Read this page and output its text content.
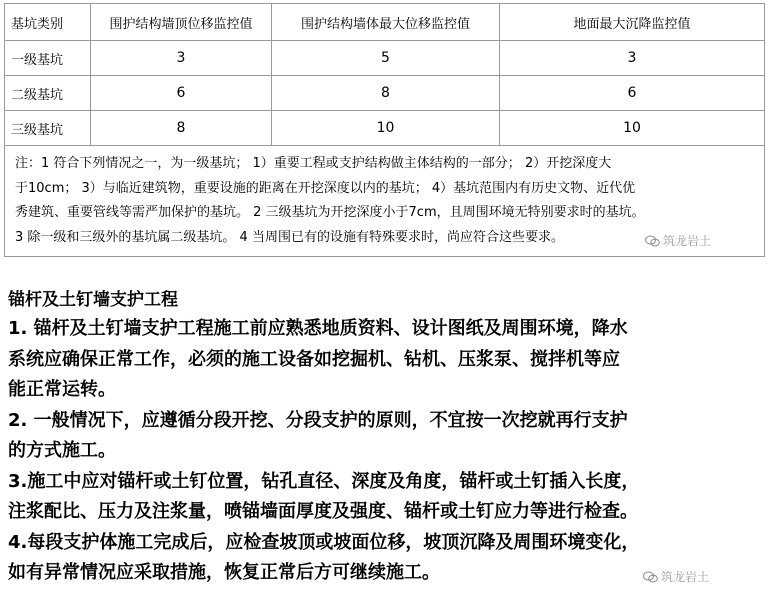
基坑类别	围护结构墙顶位移监控值	围护结构墙体最大位移监控值	地面最大沉降监控值
一级基坑	3	5	3
二级基坑	6	8	6
三级基坑	8	10	10
注：1 符合下列情况之一，为一级基坑； 1）重要工程或支护结构做主体结构的一部分； 2）开挖深度大
于10cm； 3）与临近建筑物，重要设施的距离在开挖深度以内的基坑； 4）基坑范围内有历史文物、近代优
秀建筑、重要管线等需严加保护的基坑。 2 三级基坑为开挖深度小于7cm，且周围环境无特别要求时的基坑。
3 除一级和三级外的基坑属二级基坑。 4 当周围已有的设施有特殊要求时，尚应符合这些要求。			
锚杆及土钉墙支护工程
1. 锚杆及土钉墙支护工程施工前应熟悉地质资料、设计图纸及周围环境，降水
系统应确保正常工作，必须的施工设备如挖掘机、钻机、压浆泵、搅拌机等应
能正常运转。
2. 一般情况下，应遵循分段开挖、分段支护的原则，不宜按一次挖就再行支护
的方式施工。
3.施工中应对锚杆或土钉位置，钻孔直径、深度及角度，锚杆或土钉插入长度，
注浆配比、压力及注浆量，喷锚墙面厚度及强度、锚杆或土钉应力等进行检查。
4.每段支护体施工完成后，应检查坡顶或坡面位移，坡顶沉降及周围环境变化，
如有异常情况应采取措施，恢复正常后方可继续施工。
筑龙岩土
筑龙岩土
